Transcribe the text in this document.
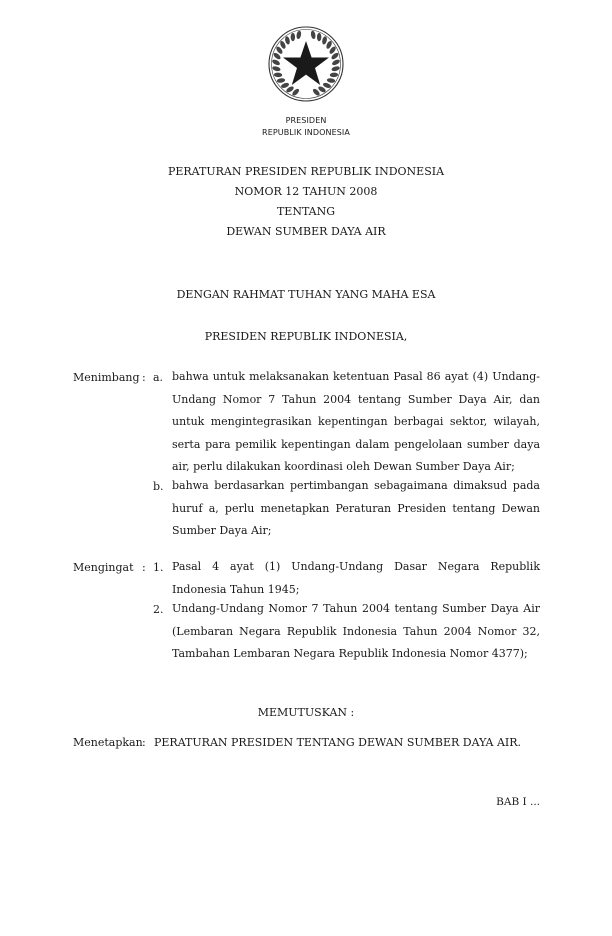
PRESIDEN
REPUBLIK INDONESIA
PERATURAN PRESIDEN REPUBLIK INDONESIA
NOMOR 12 TAHUN 2008
TENTANG
DEWAN SUMBER DAYA AIR
DENGAN RAHMAT TUHAN YANG MAHA ESA
PRESIDEN REPUBLIK INDONESIA,
Menimbang : a. bahwa untuk melaksanakan ketentuan Pasal 86 ayat (4) Undang-Undang Nomor 7 Tahun 2004 tentang Sumber Daya Air, dan untuk mengintegrasikan kepentingan berbagai sektor, wilayah, serta para pemilik kepentingan dalam pengelolaan sumber daya air, perlu dilakukan koordinasi oleh Dewan Sumber Daya Air;
b. bahwa berdasarkan pertimbangan sebagaimana dimaksud pada huruf a, perlu menetapkan Peraturan Presiden tentang Dewan Sumber Daya Air;
Mengingat : 1. Pasal 4 ayat (1) Undang-Undang Dasar Negara Republik Indonesia Tahun 1945;
2. Undang-Undang Nomor 7 Tahun 2004 tentang Sumber Daya Air (Lembaran Negara Republik Indonesia Tahun 2004 Nomor 32, Tambahan Lembaran Negara Republik Indonesia Nomor 4377);
MEMUTUSKAN :
Menetapkan : PERATURAN PRESIDEN TENTANG DEWAN SUMBER DAYA AIR.
BAB I ...
